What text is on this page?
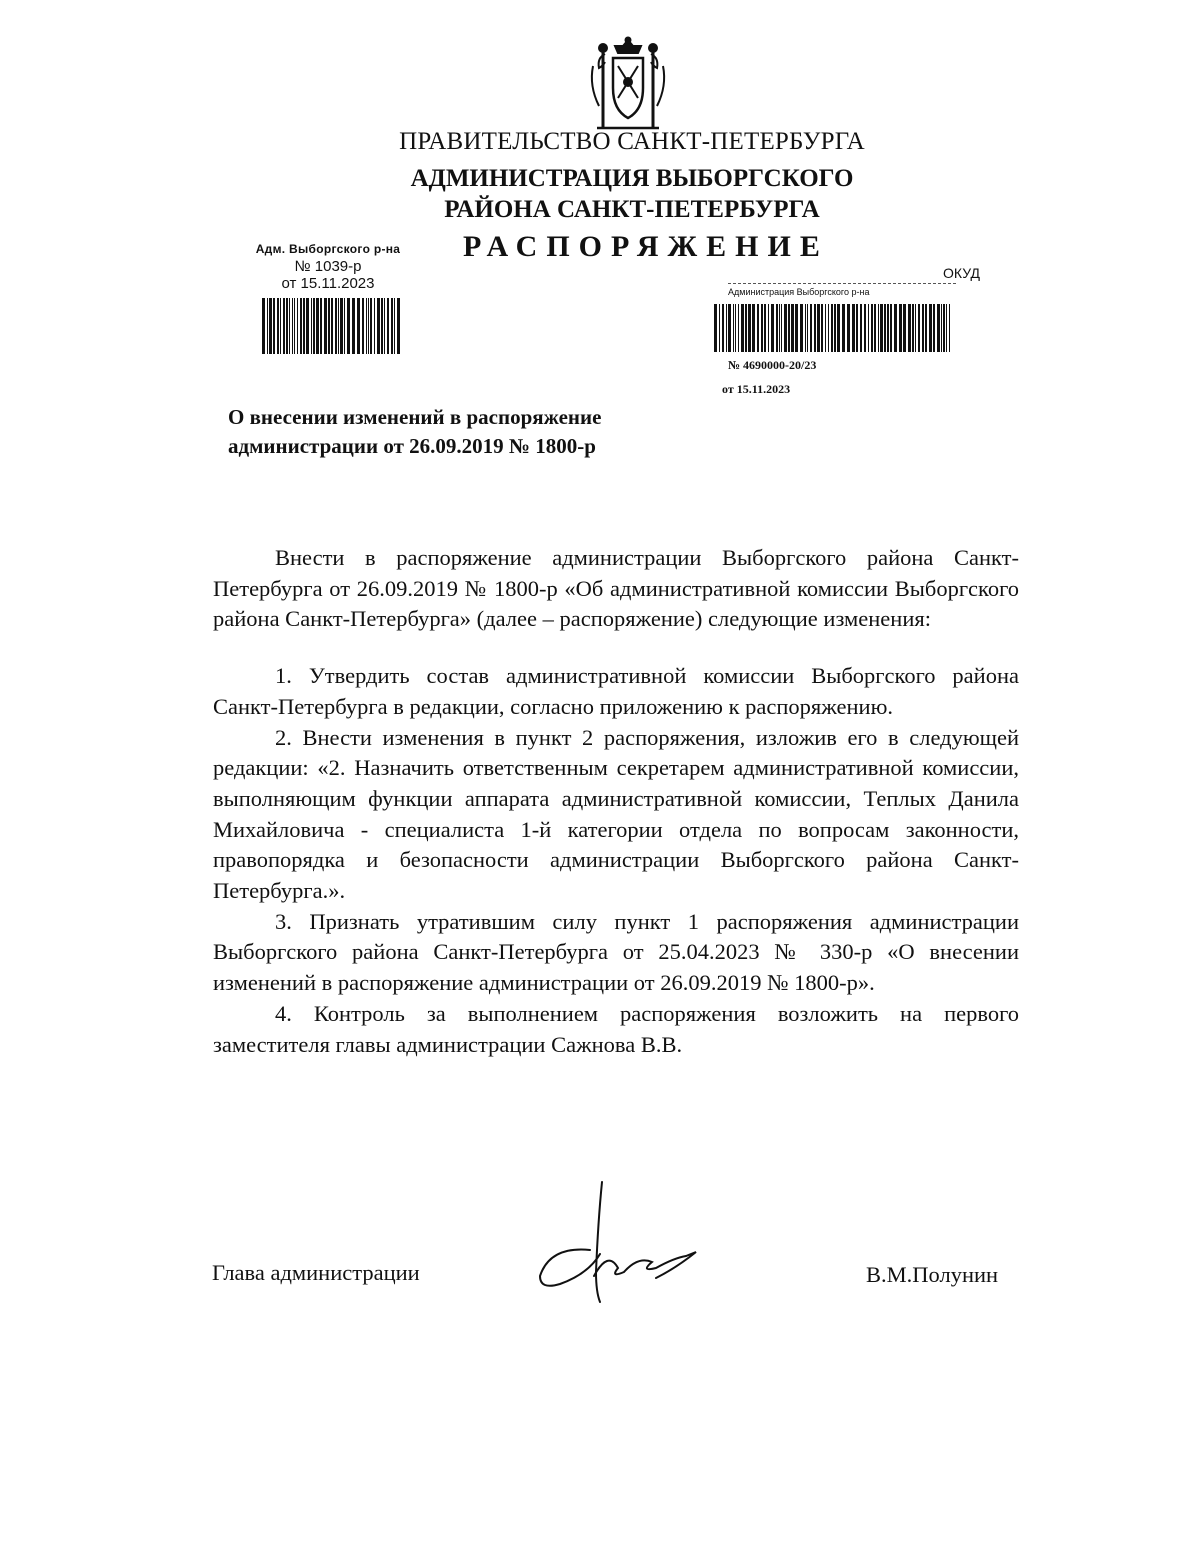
ПРАВИТЕЛЬСТВО САНКТ-ПЕТЕРБУРГА
АДМИНИСТРАЦИЯ ВЫБОРГСКОГО
РАЙОНА САНКТ-ПЕТЕРБУРГА
РАСПОРЯЖЕНИЕ
Адм. Выборгского р-на
№ 1039-р
от 15.11.2023
ОКУД
Администрация Выборгского р-на
№ 4690000-20/23
от 15.11.2023
О внесении изменений в распоряжение
администрации от 26.09.2019 № 1800-р

Внести в распоряжение администрации Выборгского района Санкт-Петербурга от 26.09.2019 № 1800-р «Об административной комиссии Выборгского района Санкт-Петербурга» (далее – распоряжение) следующие изменения:

1. Утвердить состав административной комиссии Выборгского района Санкт-Петербурга в редакции, согласно приложению к распоряжению.

2. Внести изменения в пункт 2 распоряжения, изложив его в следующей редакции: «2. Назначить ответственным секретарем административной комиссии, выполняющим функции аппарата административной комиссии, Теплых Данила Михайловича - специалиста 1-й категории отдела по вопросам законности, правопорядка и безопасности администрации Выборгского района Санкт-Петербурга.».

3. Признать утратившим силу пункт 1 распоряжения администрации Выборгского района Санкт-Петербурга от 25.04.2023 № 330-р «О внесении изменений в распоряжение администрации от 26.09.2019 № 1800-р».

4. Контроль за выполнением распоряжения возложить на первого заместителя главы администрации Сажнова В.В.

Глава администрации	В.М.Полунин
